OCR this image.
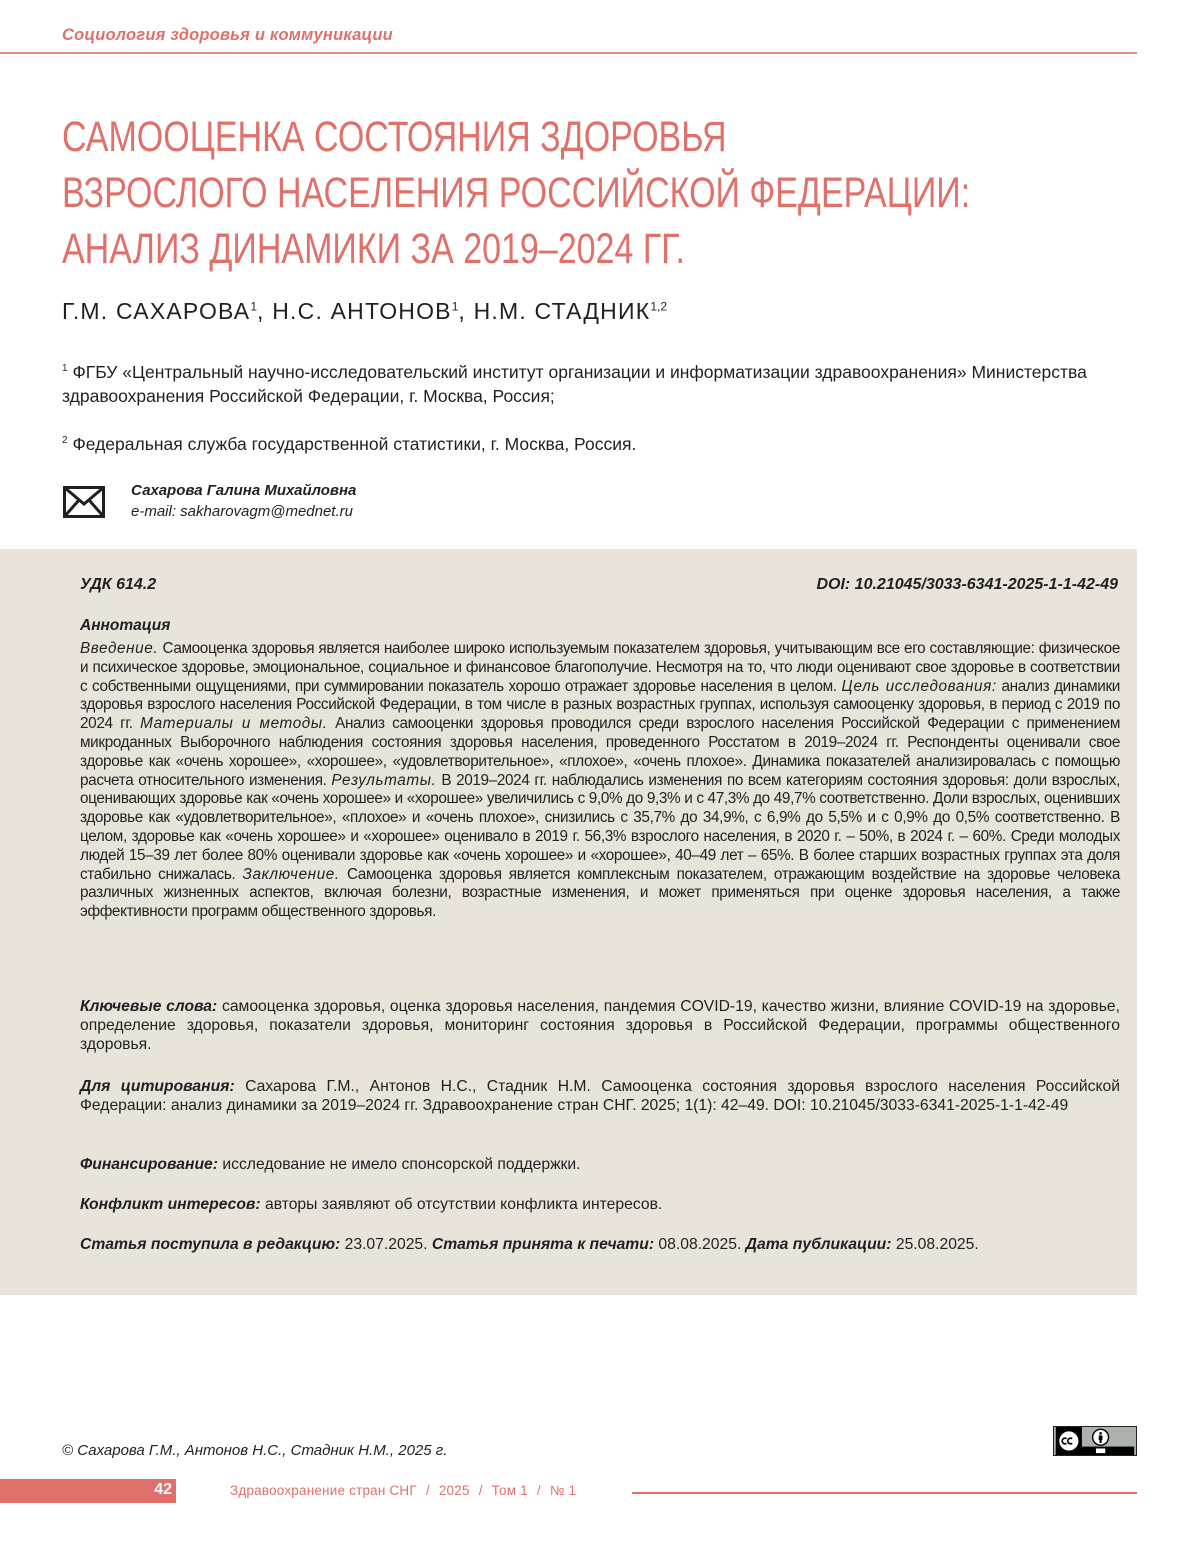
Социология здоровья и коммуникации
САМООЦЕНКА СОСТОЯНИЯ ЗДОРОВЬЯ
ВЗРОСЛОГО НАСЕЛЕНИЯ РОССИЙСКОЙ ФЕДЕРАЦИИ:
АНАЛИЗ ДИНАМИКИ ЗА 2019–2024 ГГ.
Г.М. САХАРОВА$^1$, Н.С. АНТОНОВ$^1$, Н.М. СТАДНИК$^{1,2}$
$^1$ ФГБУ «Центральный научно-исследовательский институт организации и информатизации здравоохранения» Министерства здравоохранения Российской Федерации, г. Москва, Россия;
$^2$ Федеральная служба государственной статистики, г. Москва, Россия.
Сахарова Галина Михайловна
e-mail: sakharovagm@mednet.ru
УДК 614.2	DOI: 10.21045/3033-6341-2025-1-1-42-49
Аннотация

Введение. Самооценка здоровья является наиболее широко используемым показателем здоровья, учитывающим все его составляющие: физическое и психическое здоровье, эмоциональное, социальное и финансовое благополучие. Несмотря на то, что люди оценивают свое здоровье в соответствии с собственными ощущениями, при суммировании показатель хорошо отражает здоровье населения в целом. Цель исследования: анализ динамики здоровья взрослого населения Российской Федерации, в том числе в разных возрастных группах, используя самооценку здоровья, в период с 2019 по 2024 гг. Материалы и методы. Анализ самооценки здоровья проводился среди взрослого населения Российской Федерации с применением микроданных Выборочного наблюдения состояния здоровья населения, проведенного Росстатом в 2019–2024 гг. Респонденты оценивали свое здоровье как «очень хорошее», «хорошее», «удовлетворительное», «плохое», «очень плохое». Динамика показателей анализировалась с помощью расчета относительного изменения. Результаты. В 2019–2024 гг. наблюдались изменения по всем категориям состояния здоровья: доли взрослых, оценивающих здоровье как «очень хорошее» и «хорошее» увеличились с 9,0% до 9,3% и с 47,3% до 49,7% соответственно. Доли взрослых, оценивших здоровье как «удовлетворительное», «плохое» и «очень плохое», снизились с 35,7% до 34,9%, с 6,9% до 5,5% и с 0,9% до 0,5% соответственно. В целом, здоровье как «очень хорошее» и «хорошее» оценивало в 2019 г. 56,3% взрослого населения, в 2020 г. – 50%, в 2024 г. – 60%. Среди молодых людей 15–39 лет более 80% оценивали здоровье как «очень хорошее» и «хорошее», 40–49 лет – 65%. В более старших возрастных группах эта доля стабильно снижалась. Заключение. Самооценка здоровья является комплексным показателем, отражающим воздействие на здоровье человека различных жизненных аспектов, включая болезни, возрастные изменения, и может применяться при оценке здоровья населения, а также эффективности программ общественного здоровья.

Ключевые слова: самооценка здоровья, оценка здоровья населения, пандемия COVID-19, качество жизни, влияние COVID-19 на здоровье, определение здоровья, показатели здоровья, мониторинг состояния здоровья в Российской Федерации, программы общественного здоровья.

Для цитирования: Сахарова Г.М., Антонов Н.С., Стадник Н.М. Самооценка состояния здоровья взрослого населения Российской Федерации: анализ динамики за 2019–2024 гг. Здравоохранение стран СНГ. 2025; 1(1): 42–49. DOI: 10.21045/3033-6341-2025-1-1-42-49

Финансирование: исследование не имело спонсорской поддержки.

Конфликт интересов: авторы заявляют об отсутствии конфликта интересов.

Статья поступила в редакцию: 23.07.2025. Статья принята к печати: 08.08.2025. Дата публикации: 25.08.2025.

© Сахарова Г.М., Антонов Н.С., Стадник Н.М., 2025 г.
42	Здравоохранение стран СНГ / 2025 / Том 1 / № 1
